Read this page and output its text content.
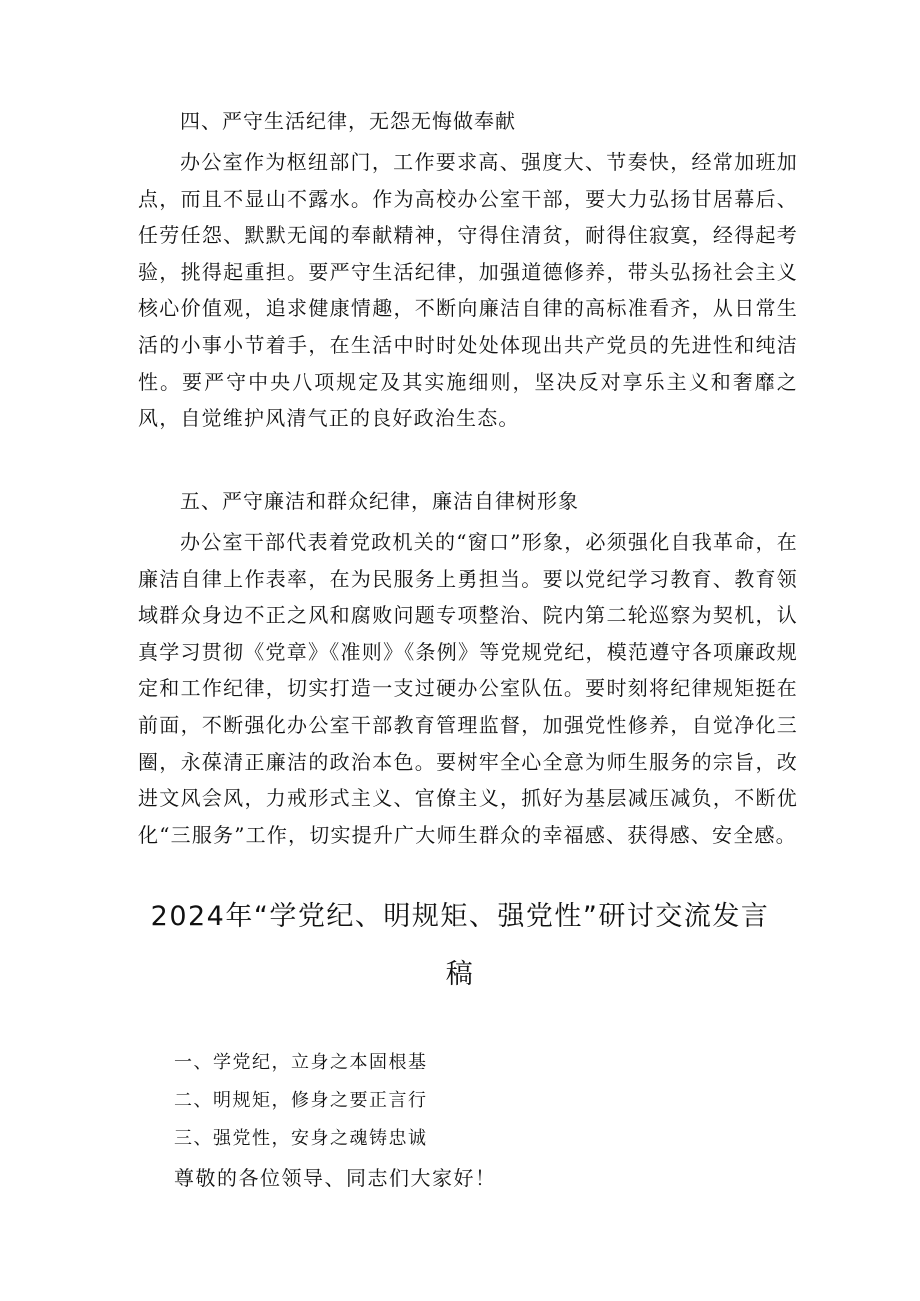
四、严守生活纪律，无怨无悔做奉献

办公室作为枢纽部门，工作要求高、强度大、节奏快，经常加班加点，而且不显山不露水。作为高校办公室干部，要大力弘扬甘居幕后、任劳任怨、默默无闻的奉献精神，守得住清贫，耐得住寂寞，经得起考验，挑得起重担。要严守生活纪律，加强道德修养，带头弘扬社会主义核心价值观，追求健康情趣，不断向廉洁自律的高标准看齐，从日常生活的小事小节着手，在生活中时时处处体现出共产党员的先进性和纯洁性。要严守中央八项规定及其实施细则，坚决反对享乐主义和奢靡之风，自觉维护风清气正的良好政治生态。

五、严守廉洁和群众纪律，廉洁自律树形象

办公室干部代表着党政机关的“窗口”形象，必须强化自我革命，在廉洁自律上作表率，在为民服务上勇担当。要以党纪学习教育、教育领域群众身边不正之风和腐败问题专项整治、院内第二轮巡察为契机，认真学习贯彻《党章》《准则》《条例》等党规党纪，模范遵守各项廉政规定和工作纪律，切实打造一支过硬办公室队伍。要时刻将纪律规矩挺在前面，不断强化办公室干部教育管理监督，加强党性修养，自觉净化三圈，永葆清正廉洁的政治本色。要树牢全心全意为师生服务的宗旨，改进文风会风，力戒形式主义、官僚主义，抓好为基层减压减负，不断优化“三服务”工作，切实提升广大师生群众的幸福感、获得感、安全感。

2024年“学党纪、明规矩、强党性”研讨交流发言稿

一、学党纪，立身之本固根基

二、明规矩，修身之要正言行

三、强党性，安身之魂铸忠诚

尊敬的各位领导、同志们大家好！
